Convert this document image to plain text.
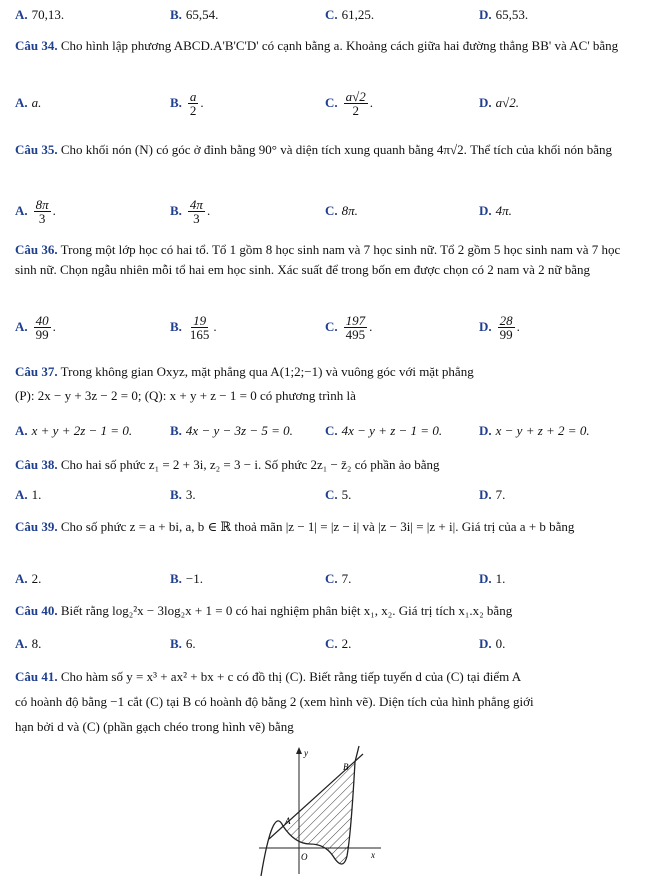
A. 70,13.	B. 65,54.	C. 61,25.	D. 65,53.

Câu 34. Cho hình lập phương ABCD.A'B'C'D' có cạnh bằng a. Khoảng cách giữa hai đường thẳng BB' và AC' bằng

A. a.	B. $\frac{a}{2}$ .	C. $\frac{a√2}{2}$ .	D. a√2.

Câu 35. Cho khối nón (N) có góc ở đỉnh bằng 90° và diện tích xung quanh bằng 4π√2. Thể tích của khối nón bằng

A. $\frac{8\pi}{3}$ .	B. $\frac{4\pi}{3}$ .	C. 8π.	D. 4π.

Câu 36. Trong một lớp học có hai tổ. Tổ 1 gồm 8 học sinh nam và 7 học sinh nữ. Tổ 2 gồm 5 học sinh nam và 7 học sinh nữ. Chọn ngẫu nhiên mỗi tổ hai em học sinh. Xác suất để trong bốn em được chọn có 2 nam và 2 nữ bằng

A. $\frac{40}{99}$ .	B. $\frac{19}{165}$ .	C. $\frac{197}{495}$ .	D. $\frac{28}{99}$ .

Câu 37. Trong không gian Oxyz, mặt phẳng qua A(1;2;−1) và vuông góc với mặt phẳng

(P): 2x − y + 3z − 2 = 0; (Q): x + y + z − 1 = 0 có phương trình là

A. x + y + 2z − 1 = 0.	B. 4x − y − 3z − 5 = 0. C. 4x − y + z − 1 = 0.	D. x − y + z + 2 = 0.

Câu 38. Cho hai số phức z₁ = 2 + 3i, z₂ = 3 − i. Số phức 2z₁ − z̄₂ có phần ảo bằng

A. 1.	B. 3.	C. 5.	D. 7.

Câu 39. Cho số phức z = a + bi, a, b ∈ ℝ thoả mãn |z − 1| = |z − i| và |z − 3i| = |z + i|. Giá trị của a + b bằng

A. 2.	B. −1.	C. 7.	D. 1.

Câu 40. Biết rằng log₂²x − 3log₂x + 1 = 0 có hai nghiệm phân biệt x₁, x₂. Giá trị tích x₁.x₂ bằng

A. 8.	B. 6.	C. 2.	D. 0.

Câu 41. Cho hàm số y = x³ + ax² + bx + c có đồ thị (C). Biết rằng tiếp tuyến d của (C) tại điểm A

có hoành độ bằng −1 cắt (C) tại B có hoành độ bằng 2 (xem hình vẽ). Diện tích của hình phẳng giới

hạn bởi d và (C) (phần gạch chéo trong hình vẽ) bằng

y
x
O
A
B
